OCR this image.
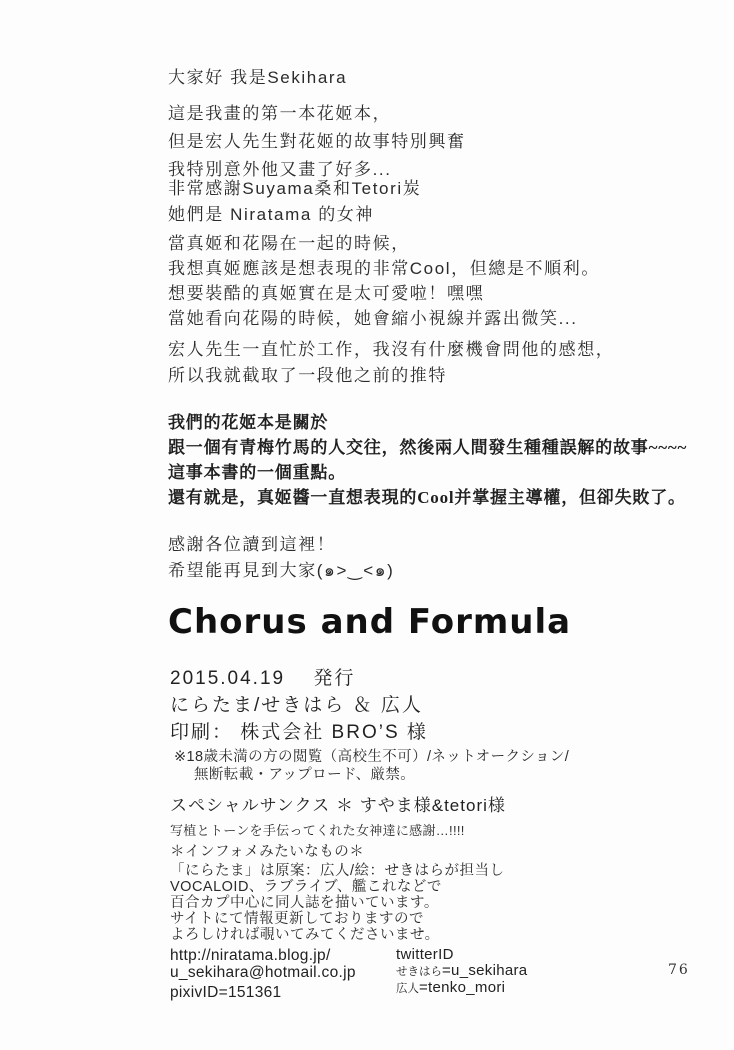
大家好 我是Sekihara

這是我畫的第一本花姬本，

但是宏人先生對花姬的故事特別興奮

我特別意外他又畫了好多...

非常感謝Suyama桑和Tetori炭

她們是 Niratama 的女神

當真姬和花陽在一起的時候，

我想真姬應該是想表現的非常Cool，但總是不順利。

想要裝酷的真姬實在是太可愛啦！嘿嘿

當她看向花陽的時候，她會縮小視線并露出微笑...

宏人先生一直忙於工作，我沒有什麼機會問他的感想，

所以我就截取了一段他之前的推特

我們的花姬本是關於

跟一個有青梅竹馬的人交往，然後兩人間發生種種誤解的故事~~~~

這事本書的一個重點。

還有就是，真姬醬一直想表現的Cool并掌握主導權，但卻失敗了。

感謝各位讀到這裡！

希望能再見到大家(๑>‿<๑)

Chorus and Formula

2015.04.19　 発行

にらたま/せきはら ＆ 広人

印刷： 株式会社 BRO’S 様

※18歳未満の方の閲覧（高校生不可）/ネットオークション/

無断転載・アップロード、厳禁。

スペシャルサンクス ＊ すやま様&tetori様
写植とトーンを手伝ってくれた女神達に感謝…!!!!
＊インフォメみたいなもの＊

「にらたま」は原案：広人/絵：せきはらが担当し

VOCALOID、ラブライブ、艦これなどで

百合カプ中心に同人誌を描いています。

サイトにて情報更新しておりますので

よろしければ覗いてみてくださいませ。

http://niratama.blog.jp/

u_sekihara@hotmail.co.jp

pixivID=151361

twitterID

せきはら=u_sekihara

広人=tenko_mori

76
